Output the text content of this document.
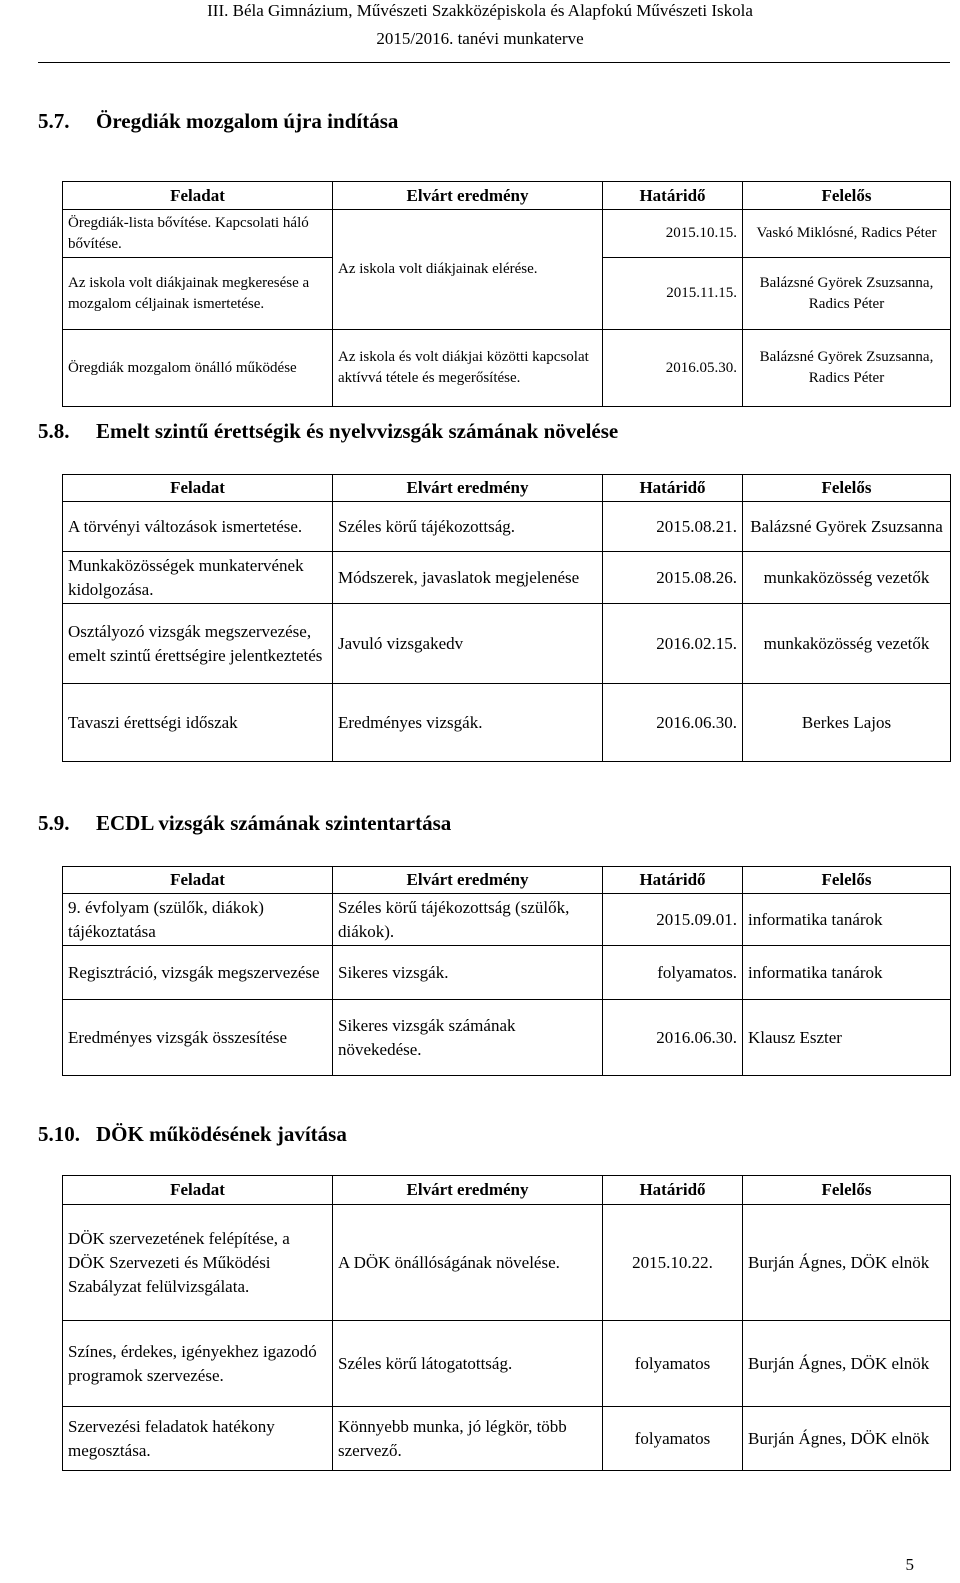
III. Béla Gimnázium, Művészeti Szakközépiskola és Alapfokú Művészeti Iskola
2015/2016. tanévi munkaterve
5.7. Öregdiák mozgalom újra indítása
Feladat	Elvárt eredmény	Határidő	Felelős
Öregdiák-lista bővítése. Kapcsolati háló bővítése.	Az iskola volt diákjainak elérése.	2015.10.15.	Vaskó Miklósné, Radics Péter
Az iskola volt diákjainak megkeresése a mozgalom céljainak ismertetése.		2015.11.15.	Balázsné Györek Zsuzsanna, Radics Péter
Öregdiák mozgalom önálló működése	Az iskola és volt diákjai közötti kapcsolat aktívvá tétele és megerősítése.	2016.05.30.	Balázsné Györek Zsuzsanna, Radics Péter
5.8. Emelt szintű érettségik és nyelvvizsgák számának növelése
Feladat	Elvárt eredmény	Határidő	Felelős
A törvényi változások ismertetése.	Széles körű tájékozottság.	2015.08.21.	Balázsné Györek Zsuzsanna
Munkaközösségek munkatervének kidolgozása.	Módszerek, javaslatok megjelenése	2015.08.26.	munkaközösség vezetők
Osztályozó vizsgák megszervezése, emelt szintű érettségire jelentkeztetés	Javuló vizsgakedv	2016.02.15.	munkaközösség vezetők
Tavaszi érettségi időszak	Eredményes vizsgák.	2016.06.30.	Berkes Lajos
5.9. ECDL vizsgák számának szintentartása
Feladat	Elvárt eredmény	Határidő	Felelős
9. évfolyam (szülők, diákok) tájékoztatása	Széles körű tájékozottság (szülők, diákok).	2015.09.01.	informatika tanárok
Regisztráció, vizsgák megszervezése	Sikeres vizsgák.	folyamatos.	informatika tanárok
Eredményes vizsgák összesítése	Sikeres vizsgák számának növekedése.	2016.06.30.	Klausz Eszter
5.10. DÖK működésének javítása
Feladat	Elvárt eredmény	Határidő	Felelős
DÖK szervezetének felépítése, a DÖK Szervezeti és Működési Szabályzat felülvizsgálata.	A DÖK önállóságának növelése.	2015.10.22.	Burján Ágnes, DÖK elnök
Színes, érdekes, igényekhez igazodó programok szervezése.	Széles körű látogatottság.	folyamatos	Burján Ágnes, DÖK elnök
Szervezési feladatok hatékony megosztása.	Könnyebb munka, jó légkör, több szervező.	folyamatos	Burján Ágnes, DÖK elnök
5
